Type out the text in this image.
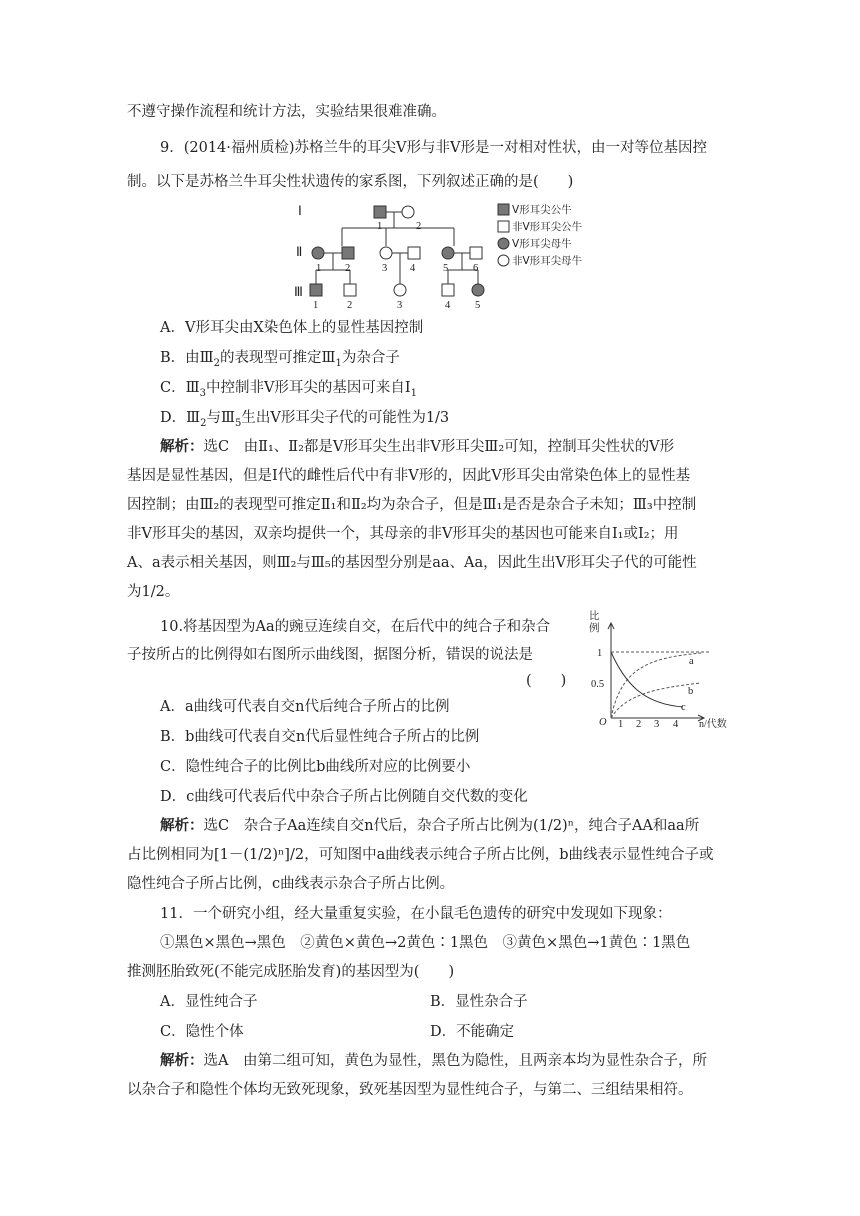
不遵守操作流程和统计方法，实验结果很难准确。
9．(2014·福州质检)苏格兰牛的耳尖V形与非V形是一对相对性状，由一对等位基因控
制。以下是苏格兰牛耳尖性状遗传的家系图，下列叙述正确的是(　　)
Ⅰ
Ⅱ
Ⅲ
1	2
1 2	3 4	5 6
1	2	3	4 5
V形耳尖公牛
非V形耳尖公牛
V形耳尖母牛
非V形耳尖母牛
A．V形耳尖由X染色体上的显性基因控制
B．由$Ⅲ_2$的表现型可推定$Ⅲ_1$为杂合子
C．$Ⅲ_3$中控制非V形耳尖的基因可来自$Ⅰ_1$
D．$Ⅲ_2$与$Ⅲ_5$生出V形耳尖子代的可能性为1/3
解析：选C　由Ⅱ₁、Ⅱ₂都是V形耳尖生出非V形耳尖Ⅲ₂可知，控制耳尖性状的V形
基因是显性基因，但是Ⅰ代的雌性后代中有非V形的，因此V形耳尖由常染色体上的显性基
因控制；由Ⅲ₂的表现型可推定Ⅱ₁和Ⅱ₂均为杂合子，但是Ⅲ₁是否是杂合子未知；Ⅲ₃中控制
非V形耳尖的基因，双亲均提供一个，其母亲的非V形耳尖的基因也可能来自Ⅰ₁或Ⅰ₂；用
A、a表示相关基因，则Ⅲ₂与Ⅲ₅的基因型分别是aa、Aa，因此生出V形耳尖子代的可能性
为1/2。
10.将基因型为Aa的豌豆连续自交，在后代中的纯合子和杂合
子按所占的比例得如右图所示曲线图，据图分析，错误的说法是
(　　)
比
例
1
0.5
O 1 2 3 4 n/代数
a
b
c
A．a曲线可代表自交n代后纯合子所占的比例
B．b曲线可代表自交n代后显性纯合子所占的比例
C．隐性纯合子的比例比b曲线所对应的比例要小
D．c曲线可代表后代中杂合子所占比例随自交代数的变化
解析：选C　杂合子Aa连续自交n代后，杂合子所占比例为(1/2)ⁿ，纯合子AA和aa所
占比例相同为[1－(1/2)ⁿ]/2，可知图中a曲线表示纯合子所占比例，b曲线表示显性纯合子或
隐性纯合子所占比例，c曲线表示杂合子所占比例。
11．一个研究小组，经大量重复实验，在小鼠毛色遗传的研究中发现如下现象：
①黑色×黑色→黑色　②黄色×黄色→2黄色∶1黑色　③黄色×黑色→1黄色∶1黑色
推测胚胎致死(不能完成胚胎发育)的基因型为(　　)
A．显性纯合子	B．显性杂合子
C．隐性个体	D．不能确定
解析：选A　由第二组可知，黄色为显性，黑色为隐性，且两亲本均为显性杂合子，所
以杂合子和隐性个体均无致死现象，致死基因型为显性纯合子，与第二、三组结果相符。
